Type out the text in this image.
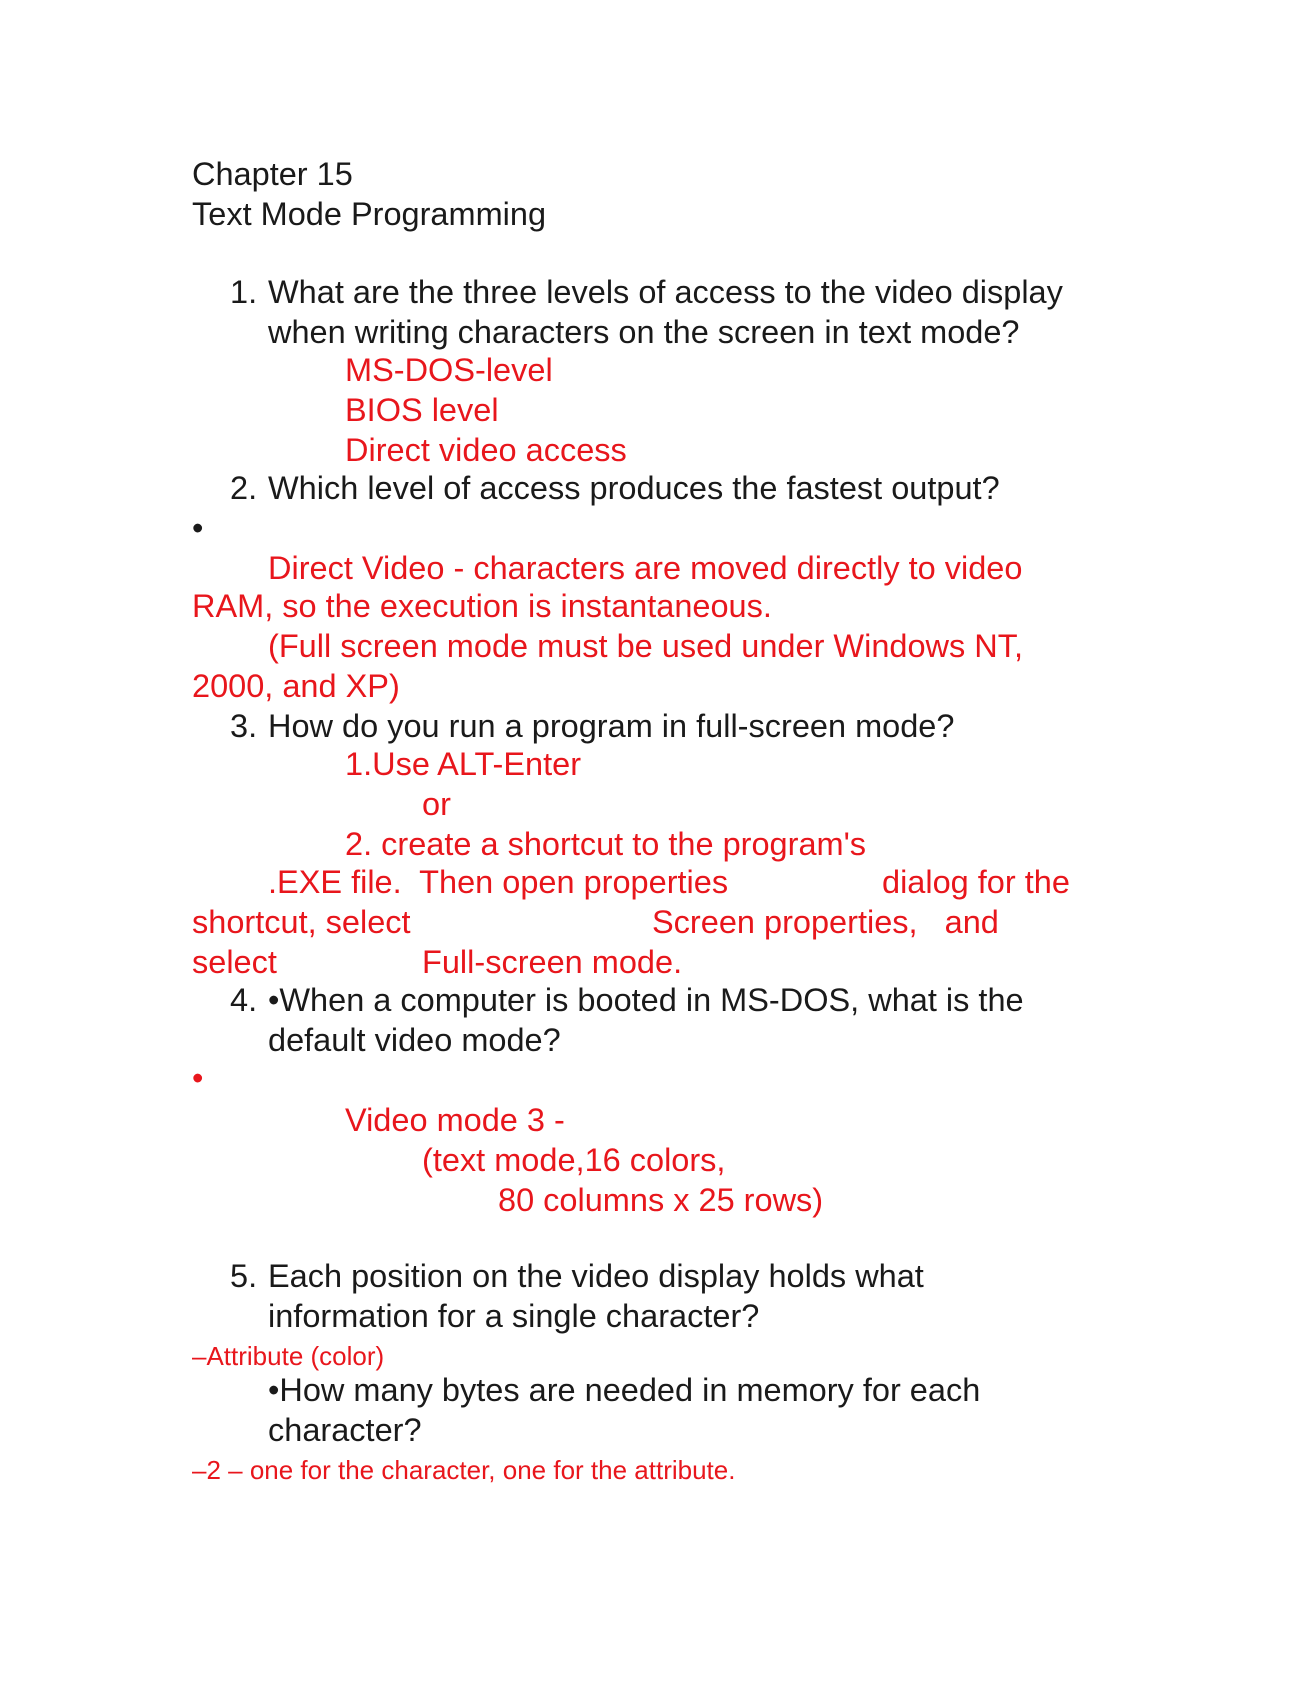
Chapter 15
Text Mode Programming
1. What are the three levels of access to the video display
when writing characters on the screen in text mode?
MS-DOS-level
BIOS level
Direct video access
2. Which level of access produces the fastest output?
•
Direct Video - characters are moved directly to video
RAM, so the execution is instantaneous.
(Full screen mode must be used under Windows NT,
2000, and XP)
3. How do you run a program in full-screen mode?
1.Use ALT-Enter
or
2. create a shortcut to the program's
.EXE file.  Then open properties	dialog for the
shortcut, select	Screen properties,   and
select	Full-screen mode.
4. •When a computer is booted in MS-DOS, what is the
default video mode?
•
Video mode 3 -
(text mode,16 colors,
80 columns x 25 rows)
5. Each position on the video display holds what
information for a single character?
–Attribute (color)
•How many bytes are needed in memory for each
character?
–2 – one for the character, one for the attribute.
